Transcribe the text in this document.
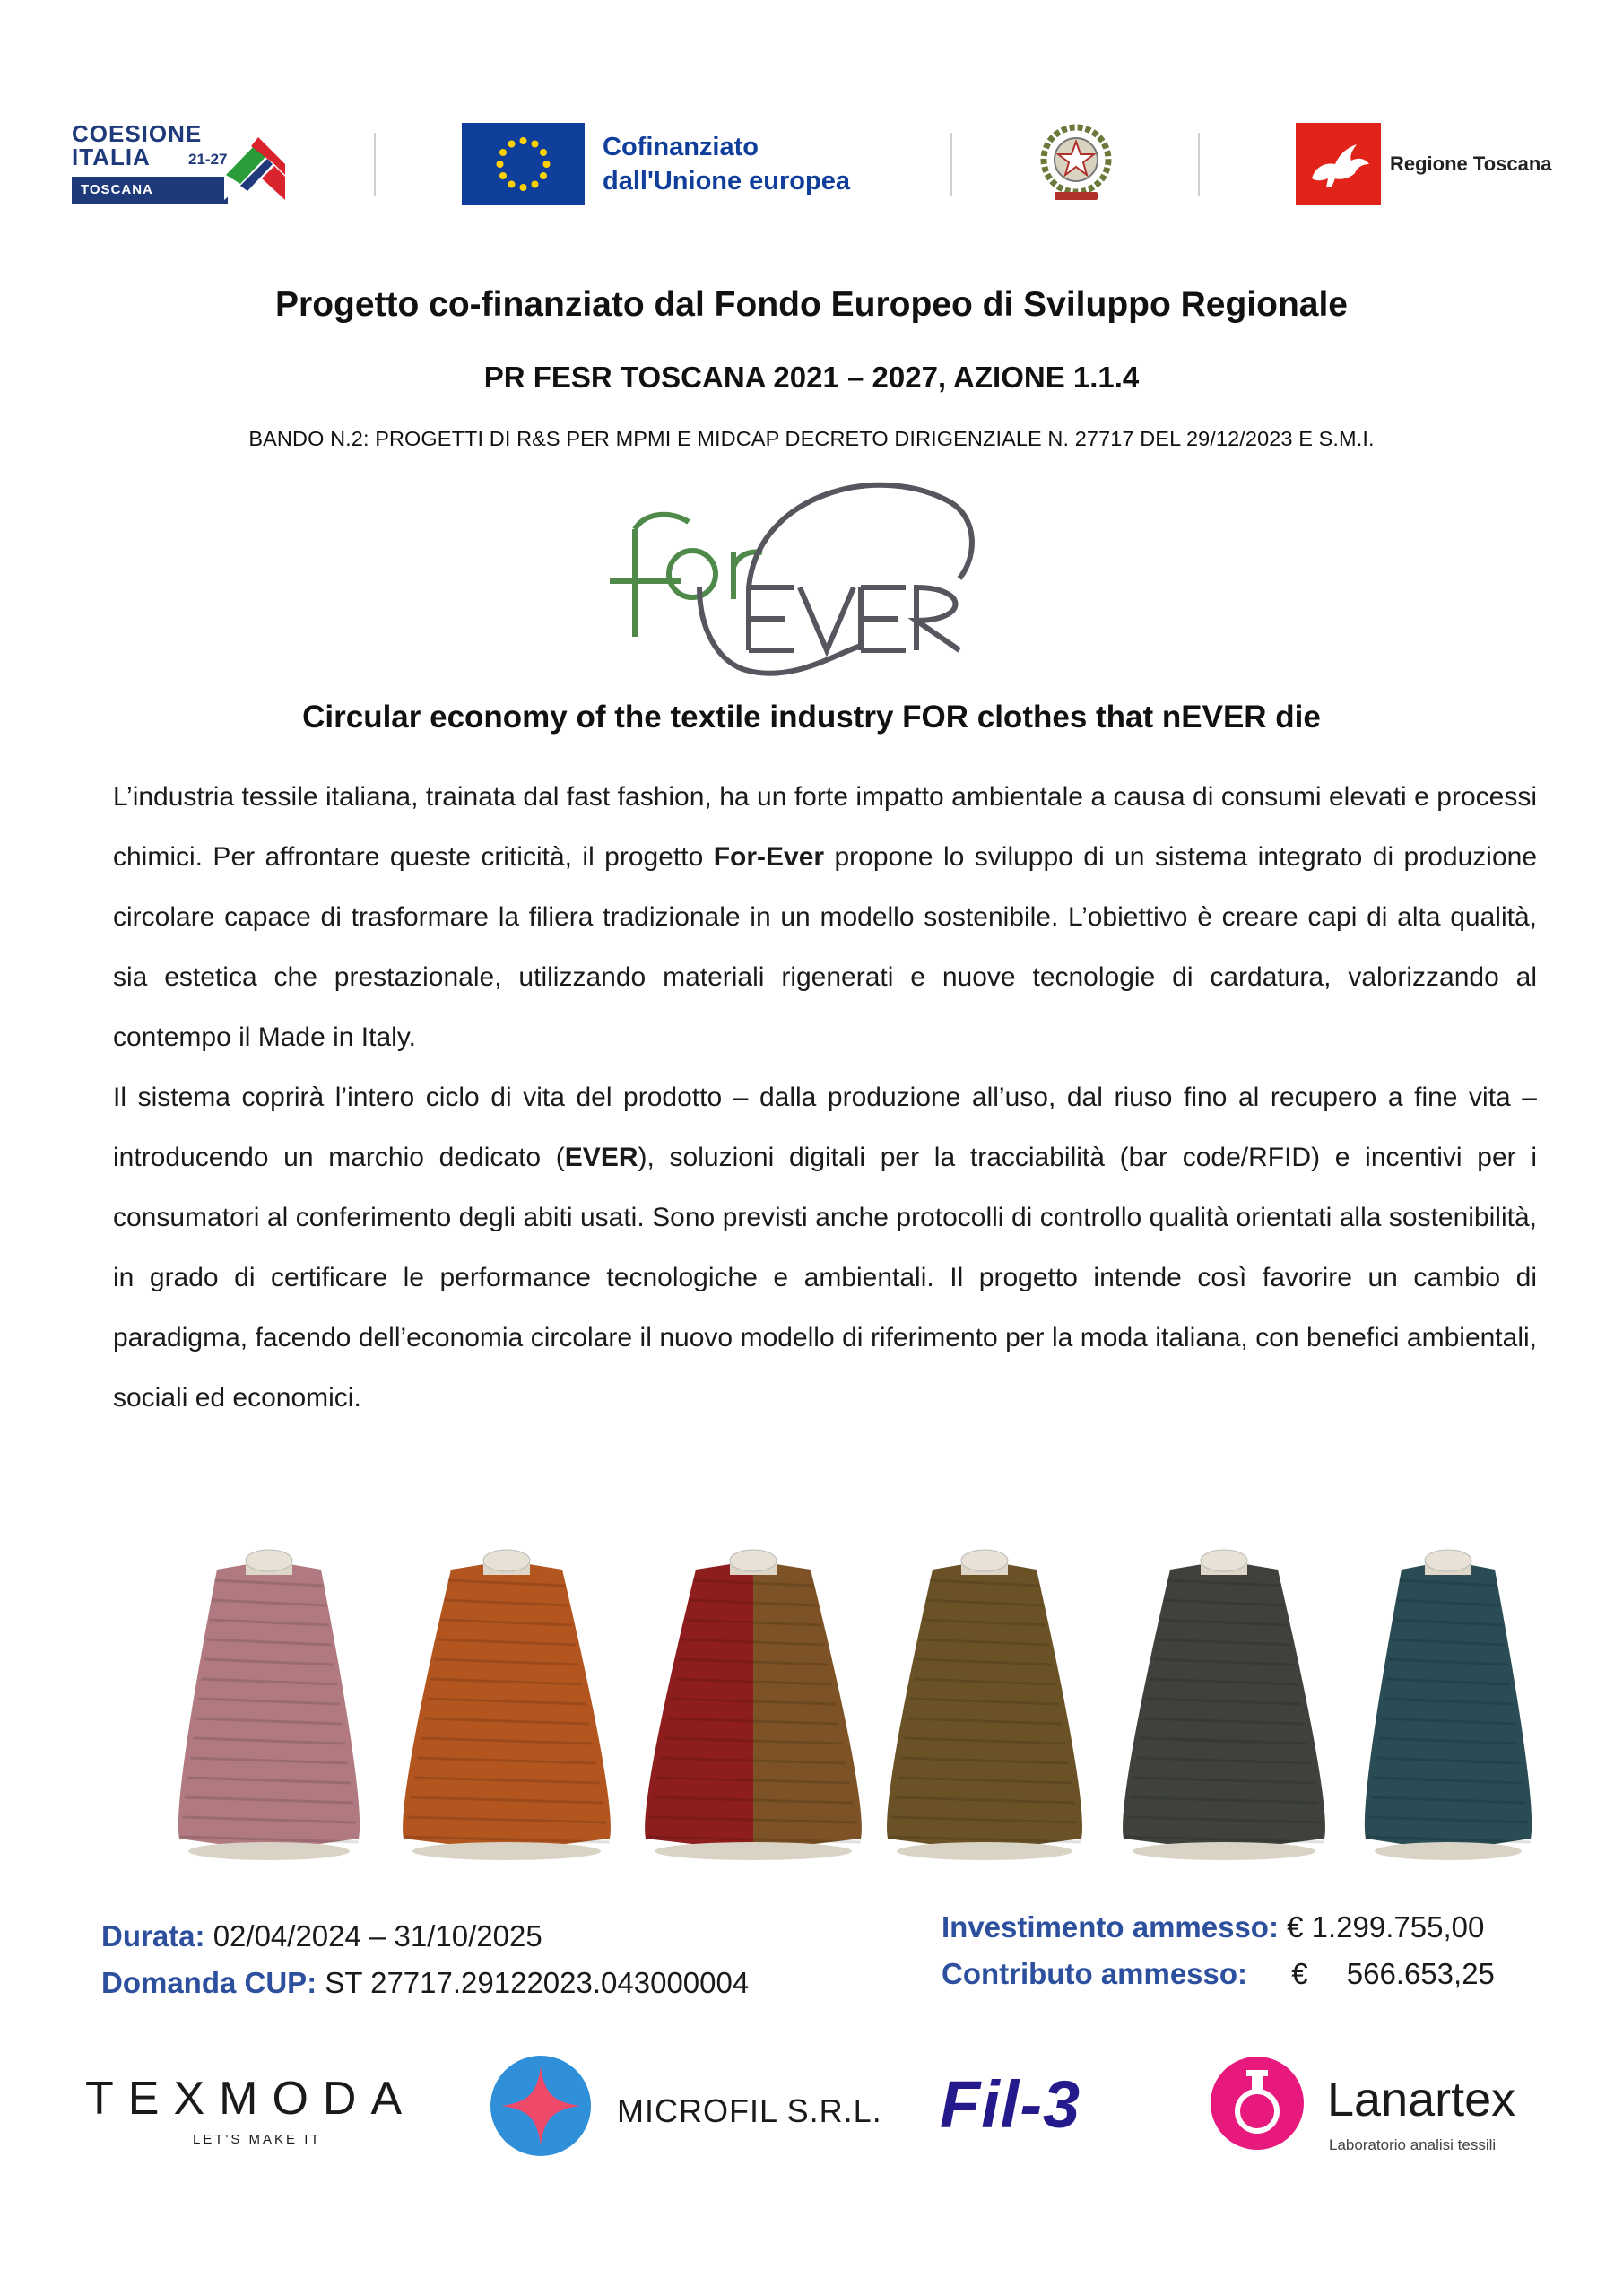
COESIONE
ITALIA 21-27
TOSCANA
Cofinanziato
dall'Unione europea
Regione Toscana
Progetto co-finanziato dal Fondo Europeo di Sviluppo Regionale
PR FESR TOSCANA 2021 – 2027, AZIONE 1.1.4
BANDO N.2: PROGETTI DI R&S PER MPMI E MIDCAP DECRETO DIRIGENZIALE N. 27717 DEL 29/12/2023 E S.M.I.
Circular economy of the textile industry FOR clothes that nEVER die
L’industria tessile italiana, trainata dal fast fashion, ha un forte impatto ambientale a causa di consumi elevati e processi chimici. Per affrontare queste criticità, il progetto For-Ever propone lo sviluppo di un sistema integrato di produzione circolare capace di trasformare la filiera tradizionale in un modello sostenibile. L’obiettivo è creare capi di alta qualità, sia estetica che prestazionale, utilizzando materiali rigenerati e nuove tecnologie di cardatura, valorizzando al contempo il Made in Italy.
Il sistema coprirà l’intero ciclo di vita del prodotto – dalla produzione all’uso, dal riuso fino al recupero a fine vita – introducendo un marchio dedicato (EVER), soluzioni digitali per la tracciabilità (bar code/RFID) e incentivi per i consumatori al conferimento degli abiti usati. Sono previsti anche protocolli di controllo qualità orientati alla sostenibilità, in grado di certificare le performance tecnologiche e ambientali. Il progetto intende così favorire un cambio di paradigma, facendo dell’economia circolare il nuovo modello di riferimento per la moda italiana, con benefici ambientali, sociali ed economici.
Durata: 02/04/2024 – 31/10/2025
Domanda CUP: ST 27717.29122023.043000004
Investimento ammesso: € 1.299.755,00
Contributo ammesso: € 566.653,25
TEXMODA
LET'S MAKE IT
MICROFIL S.R.L. Fil-3	Lanartex
Laboratorio analisi tessili
